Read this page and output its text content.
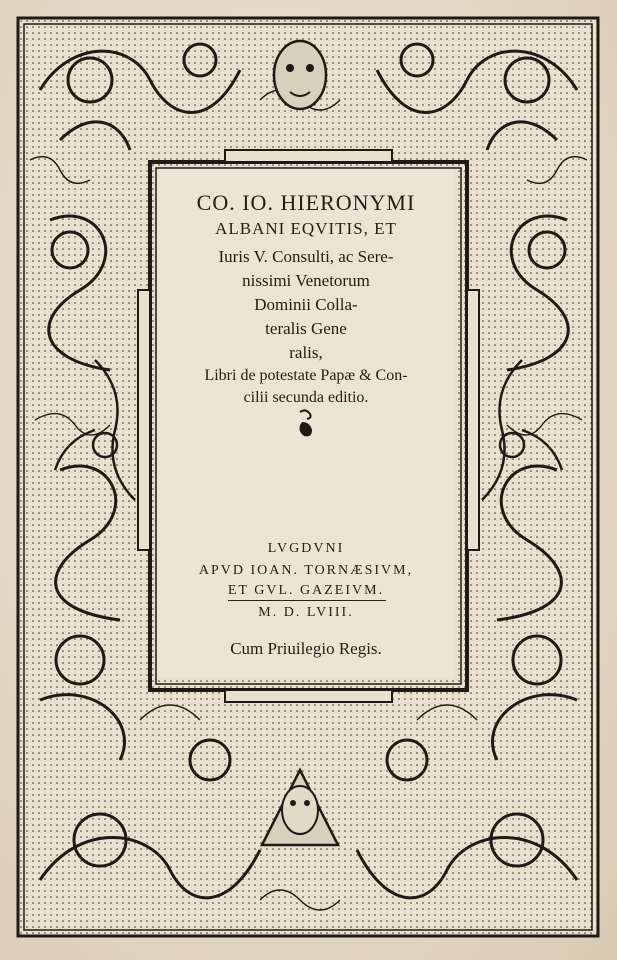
CO. IO. HIERONYMI
ALBANI EQVITIS, ET
Iuris V. Consulti, ac Sere-
nissimi Venetorum
Dominii Colla-
teralis Gene
ralis,
Libri de potestate Papæ & Con-
cilii secunda editio.
LVGDVNI
APVD IOAN. TORNÆSIVM,
ET GVL. GAZEIVM.
M. D. LVIII.
Cum Priuilegio Regis.
